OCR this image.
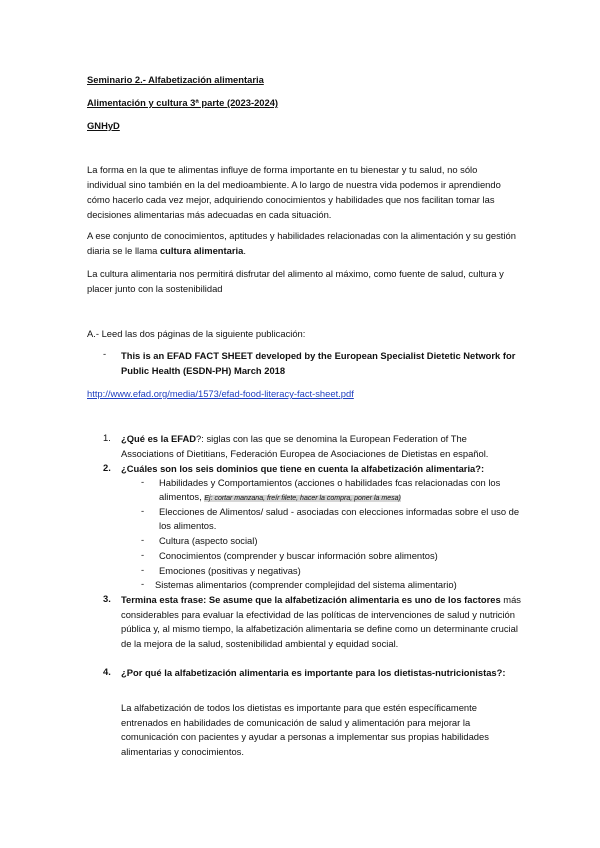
Seminario 2.- Alfabetización alimentaria
Alimentación y cultura 3ª parte (2023-2024)
GNHyD
La forma en la que te alimentas influye de forma importante en tu bienestar y tu salud, no sólo individual sino también en la del medioambiente. A lo largo de nuestra vida podemos ir aprendiendo cómo hacerlo cada vez mejor, adquiriendo conocimientos y habilidades que nos facilitan tomar las decisiones alimentarias más adecuadas en cada situación.
A ese conjunto de conocimientos, aptitudes y habilidades relacionadas con la alimentación y su gestión diaria se le llama cultura alimentaria.
La cultura alimentaria nos permitirá disfrutar del alimento al máximo, como fuente de salud, cultura y placer junto con la sostenibilidad
A.- Leed las dos páginas de la siguiente publicación:
- This is an EFAD FACT SHEET developed by the European Specialist Dietetic Network for Public Health (ESDN-PH) March 2018
http://www.efad.org/media/1573/efad-food-literacy-fact-sheet.pdf
1. ¿Qué es la EFAD?: siglas con las que se denomina la European Federation of The Associations of Dietitians, Federación Europea de Asociaciones de Dietistas en español.
2. ¿Cuáles son los seis dominios que tiene en cuenta la alfabetización alimentaria?:
- Habilidades y Comportamientos (acciones o habilidades fcas relacionadas con los alimentos, Ej: cortar manzana, freír filete, hacer la compra, poner la mesa)
- Elecciones de Alimentos/ salud - asociadas con elecciones informadas sobre el uso de los alimentos.
- Cultura (aspecto social)
- Conocimientos (comprender y buscar información sobre alimentos)
- Emociones (positivas y negativas)
- Sistemas alimentarios (comprender complejidad del sistema alimentario)
3. Termina esta frase: Se asume que la alfabetización alimentaria es uno de los factores más considerables para evaluar la efectividad de las políticas de intervenciones de salud y nutrición pública y, al mismo tiempo, la alfabetización alimentaria se define como un determinante crucial de la mejora de la salud, sostenibilidad ambiental y equidad social.
4. ¿Por qué la alfabetización alimentaria es importante para los dietistas-nutricionistas?:
La alfabetización de todos los dietistas es importante para que estén específicamente entrenados en habilidades de comunicación de salud y alimentación para mejorar la comunicación con pacientes y ayudar a personas a implementar sus propias habilidades alimentarias y conocimientos.
